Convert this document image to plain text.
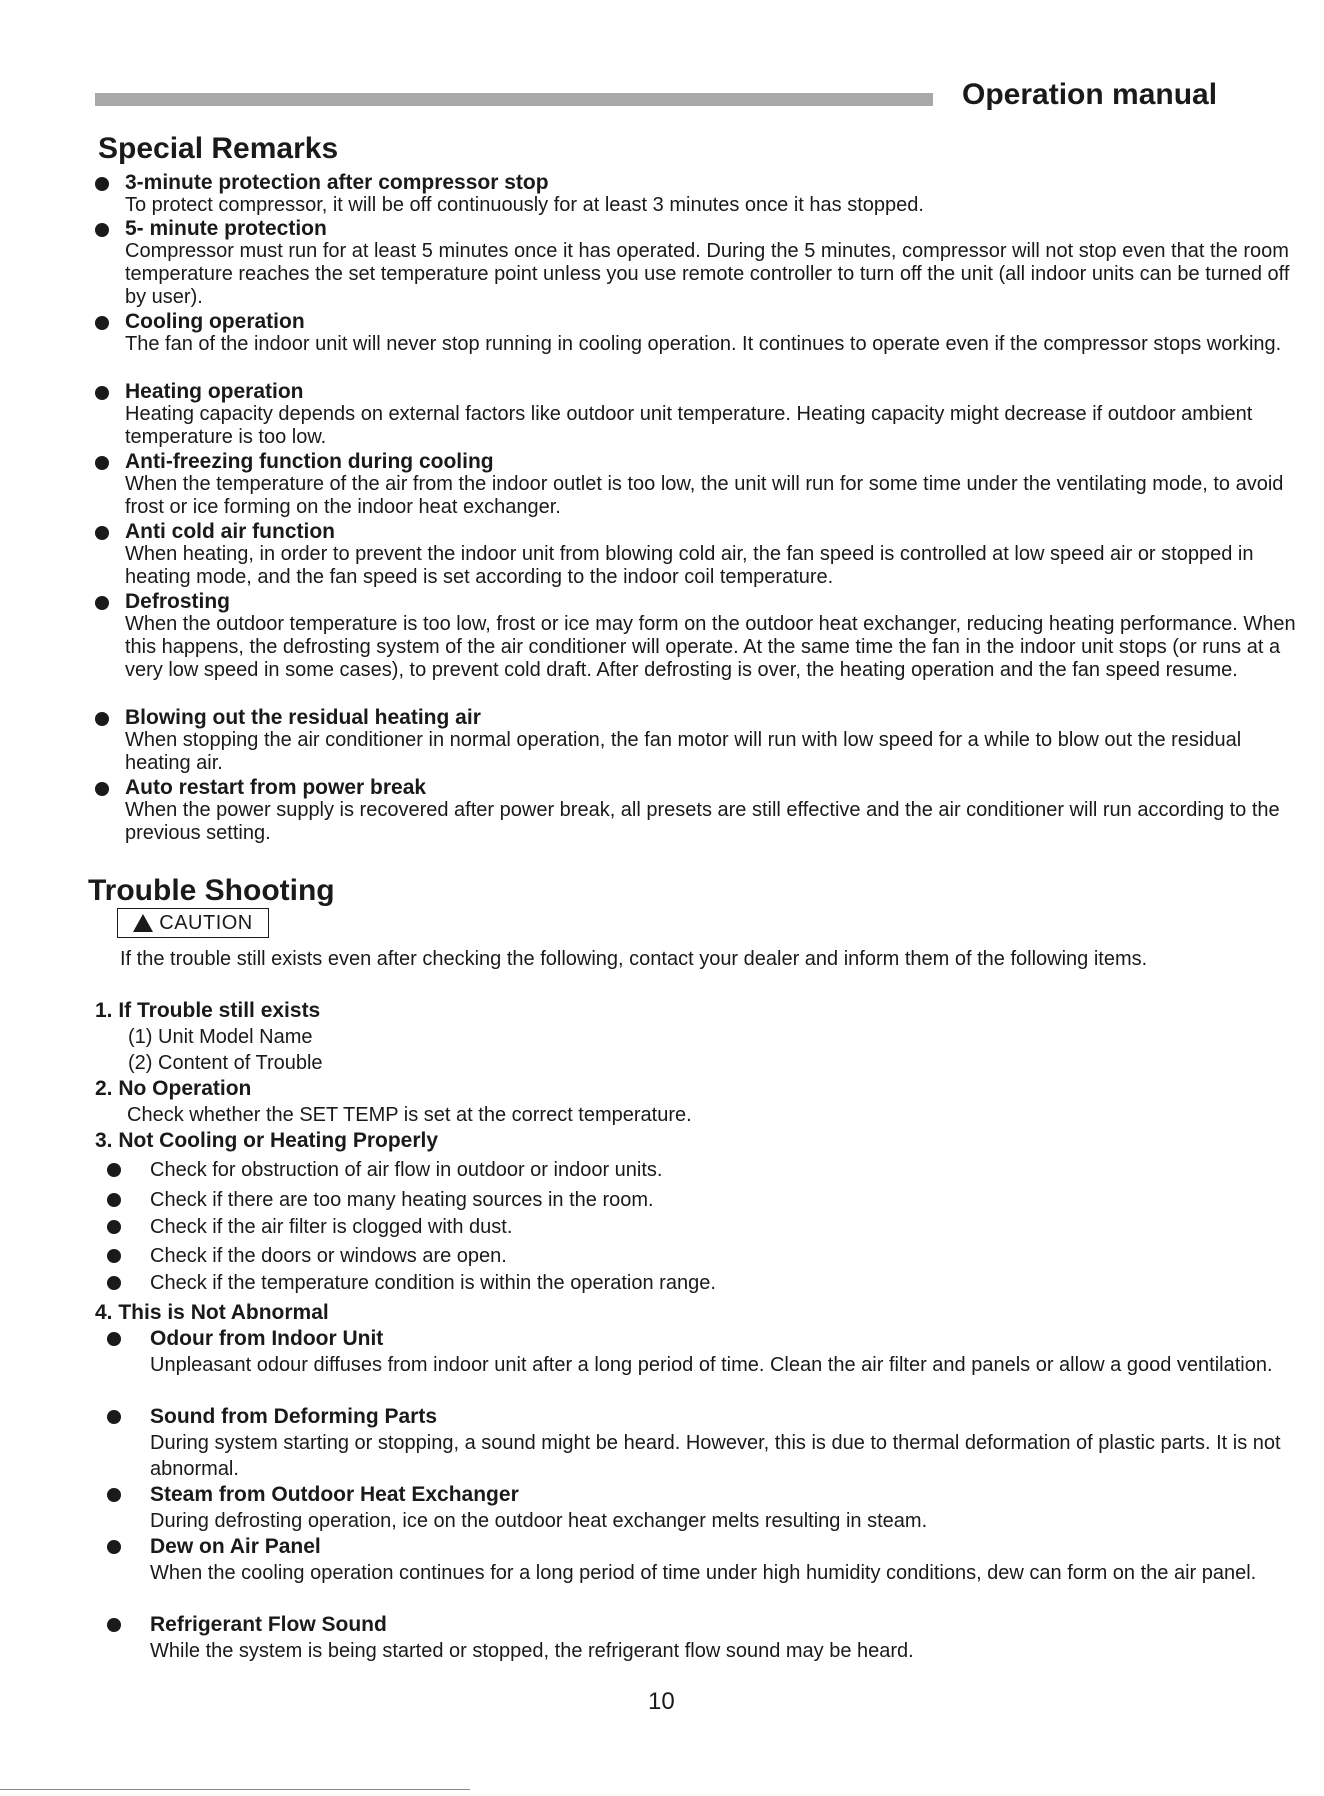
Operation manual
Special Remarks
3-minute protection after compressor stop
To protect compressor, it will be off continuously for at least 3 minutes once it has stopped.
5- minute protection
Compressor must run for at least 5 minutes once it has operated. During the 5 minutes, compressor will not stop even that the room temperature reaches the set temperature point unless you use remote controller to turn off the unit (all indoor units can be turned off by user).
Cooling operation
The fan of the indoor unit will never stop running in cooling operation. It continues to operate even if the compressor stops working.
Heating operation
Heating capacity depends on external factors like outdoor unit temperature. Heating capacity might decrease if outdoor ambient temperature is too low.
Anti-freezing function during cooling
When the temperature of the air from the indoor outlet is too low, the unit will run for some time under the ventilating mode, to avoid frost or ice forming on the indoor heat exchanger.
Anti cold air function
When heating, in order to prevent the indoor unit from blowing cold air, the fan speed is controlled at low speed air or stopped in heating mode, and the fan speed is set according to the indoor coil temperature.
Defrosting
When the outdoor temperature is too low, frost or ice may form on the outdoor heat exchanger, reducing heating performance. When this happens, the defrosting system of the air conditioner will operate. At the same time the fan in the indoor unit stops (or runs at a very low speed in some cases), to prevent cold draft. After defrosting is over, the heating operation and the fan speed resume.
Blowing out the residual heating air
When stopping the air conditioner in normal operation, the fan motor will run with low speed for a while to blow out the residual heating air.
Auto restart from power break
When the power supply is recovered after power break, all presets are still effective and the air conditioner will run according to the previous setting.
Trouble Shooting
CAUTION
If the trouble still exists even after checking the following, contact your dealer and inform them of the following items.
1. If Trouble still exists
(1) Unit Model Name
(2) Content of Trouble
2. No Operation
Check whether the SET TEMP is set at the correct temperature.
3. Not Cooling or Heating Properly
Check for obstruction of air flow in outdoor or indoor units.
Check if there are too many heating sources in the room.
Check if the air filter is clogged with dust.
Check if the doors or windows are open.
Check if the temperature condition is within the operation range.
4. This is Not Abnormal
Odour from Indoor Unit
Unpleasant odour diffuses from indoor unit after a long period of time. Clean the air filter and panels or allow a good ventilation.
Sound from Deforming Parts
During system starting or stopping, a sound might be heard. However, this is due to thermal deformation of plastic parts. It is not abnormal.
Steam from Outdoor Heat Exchanger
During defrosting operation, ice on the outdoor heat exchanger melts resulting in steam.
Dew on Air Panel
When the cooling operation continues for a long period of time under high humidity conditions, dew can form on the air panel.
Refrigerant Flow Sound
While the system is being started or stopped, the refrigerant flow sound may be heard.
10
